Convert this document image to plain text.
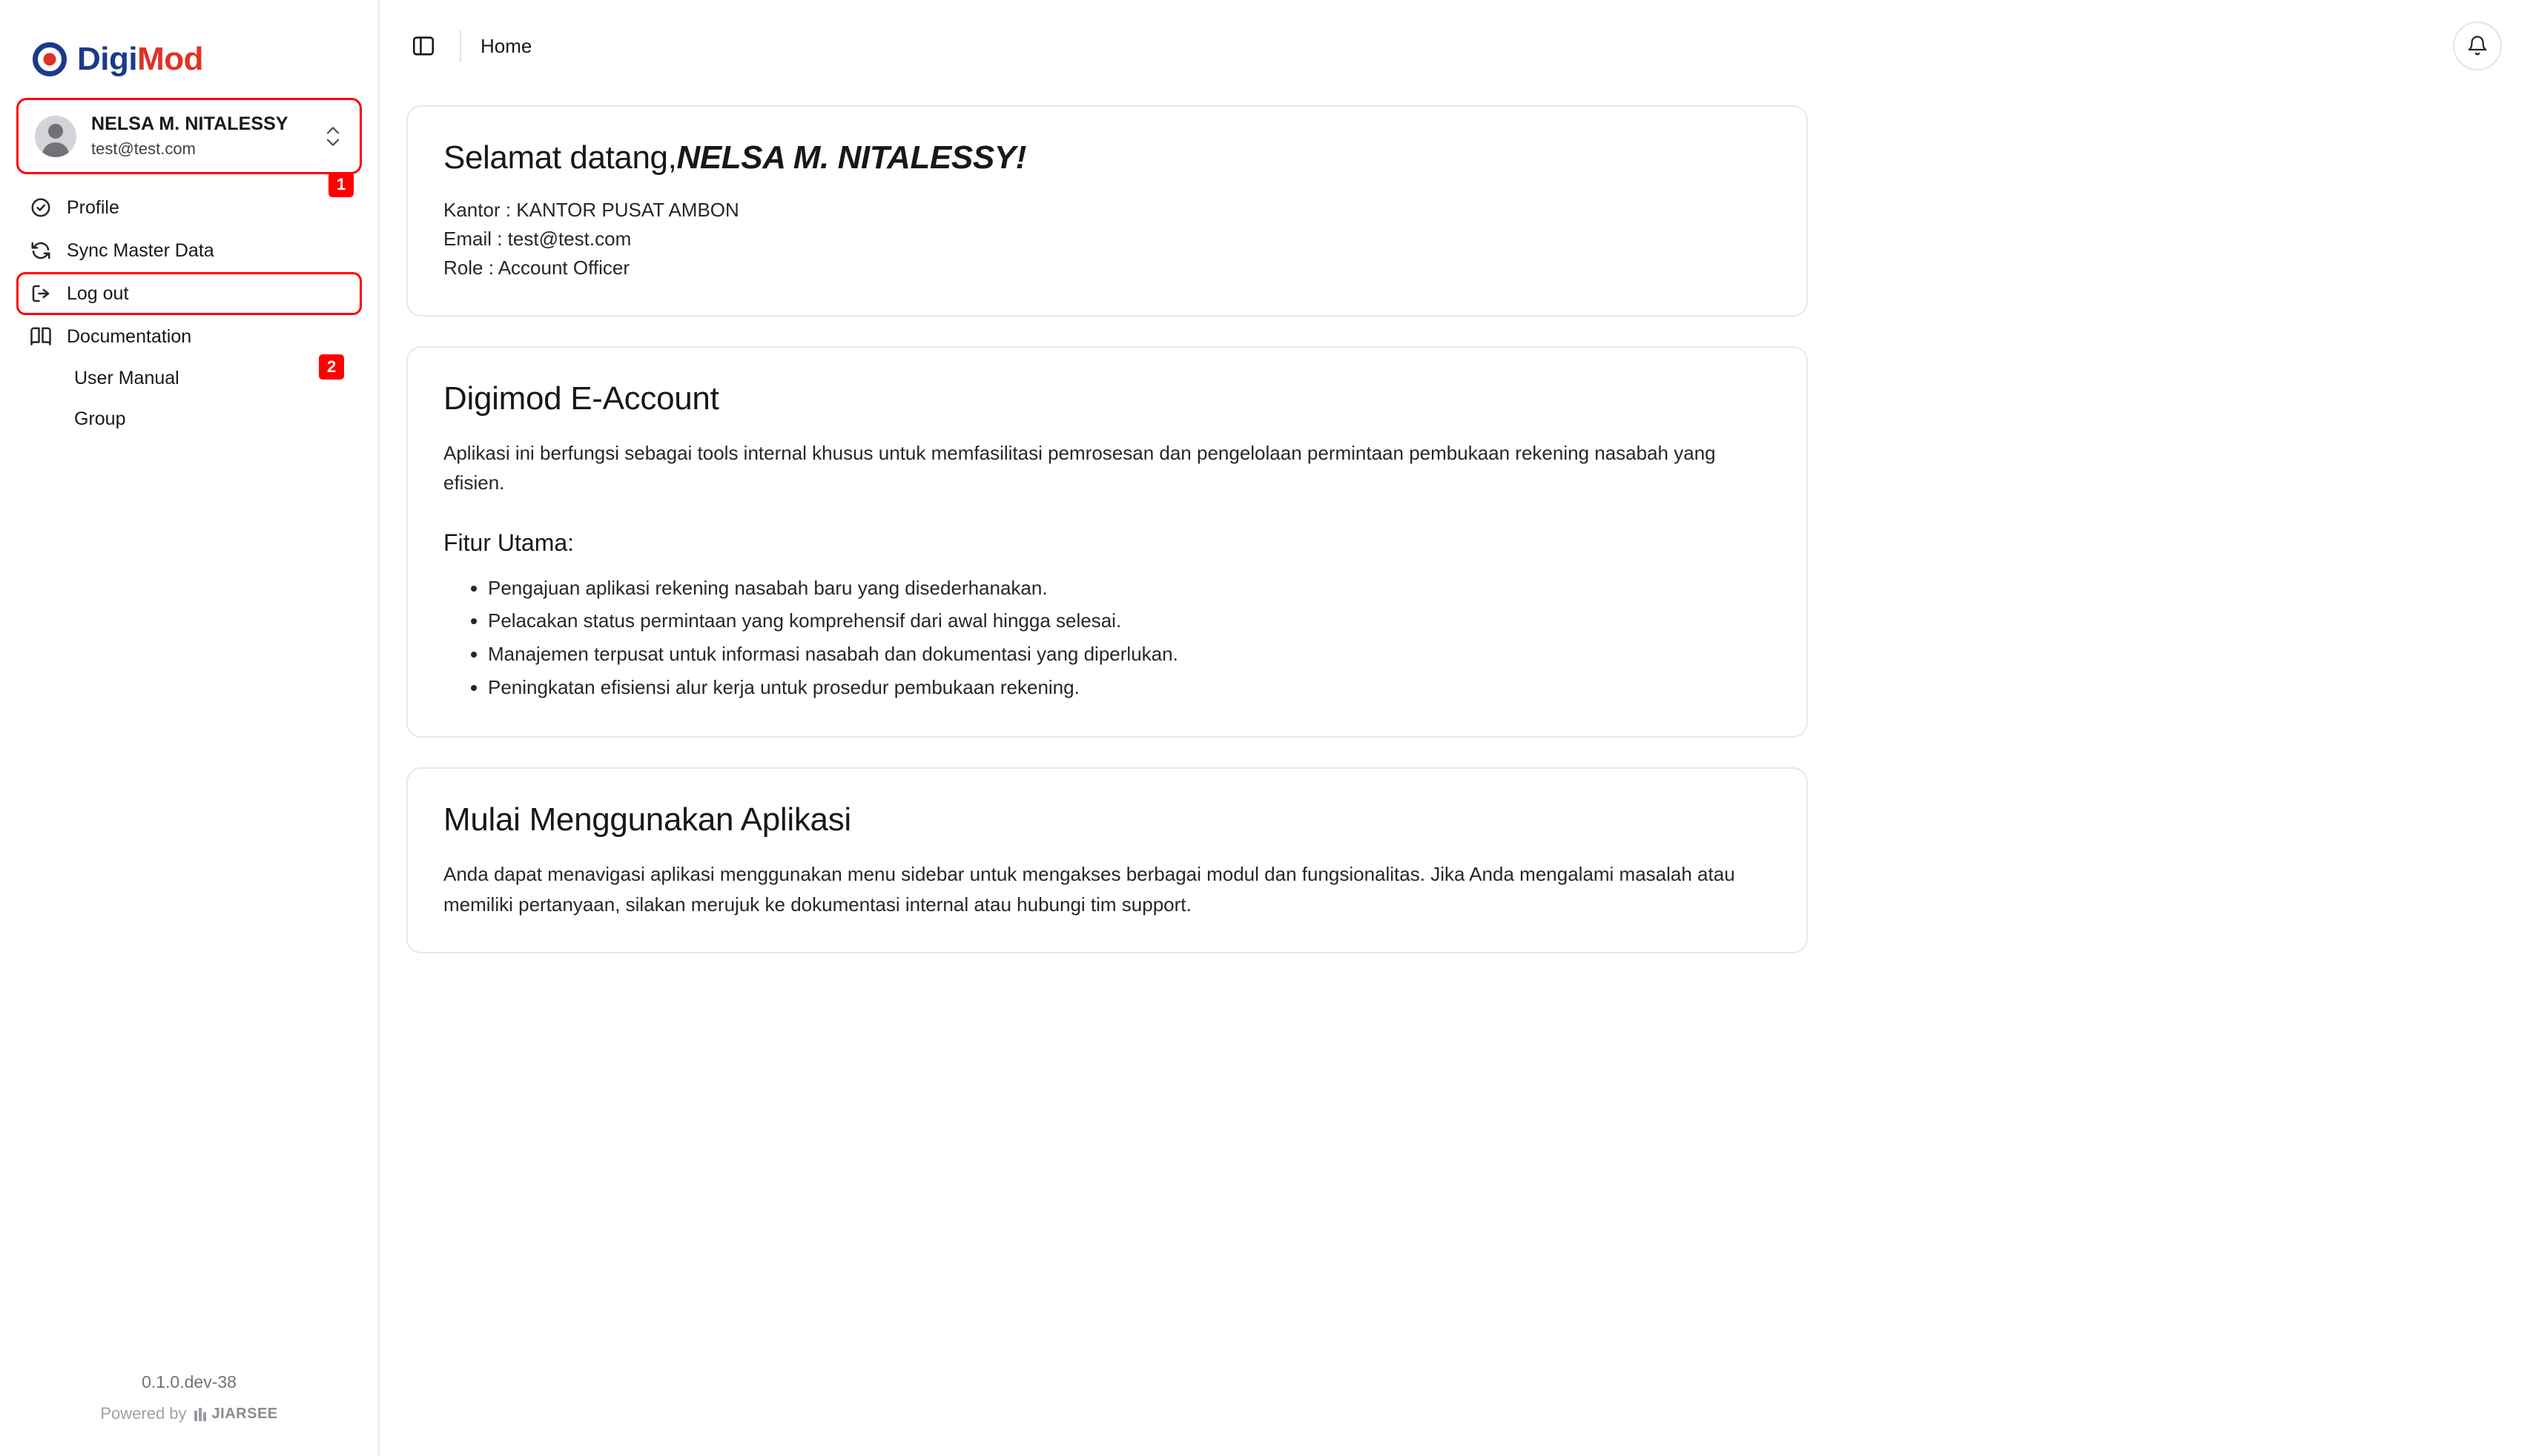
DigiMod
NELSA M. NITALESSY
test@test.com
1
2
Profile
Sync Master Data
Log out
Documentation
User Manual
Group
0.1.0.dev-38
Powered by JIARSEE
Home
Selamat datang,NELSA M. NITALESSY!
Kantor : KANTOR PUSAT AMBON
Email : test@test.com
Role : Account Officer
Digimod E-Account

Aplikasi ini berfungsi sebagai tools internal khusus untuk memfasilitasi pemrosesan dan pengelolaan permintaan pembukaan rekening nasabah yang efisien.

Fitur Utama:
• Pengajuan aplikasi rekening nasabah baru yang disederhanakan.
• Pelacakan status permintaan yang komprehensif dari awal hingga selesai.
• Manajemen terpusat untuk informasi nasabah dan dokumentasi yang diperlukan.
• Peningkatan efisiensi alur kerja untuk prosedur pembukaan rekening.
Mulai Menggunakan Aplikasi

Anda dapat menavigasi aplikasi menggunakan menu sidebar untuk mengakses berbagai modul dan fungsionalitas. Jika Anda mengalami masalah atau memiliki pertanyaan, silakan merujuk ke dokumentasi internal atau hubungi tim support.
